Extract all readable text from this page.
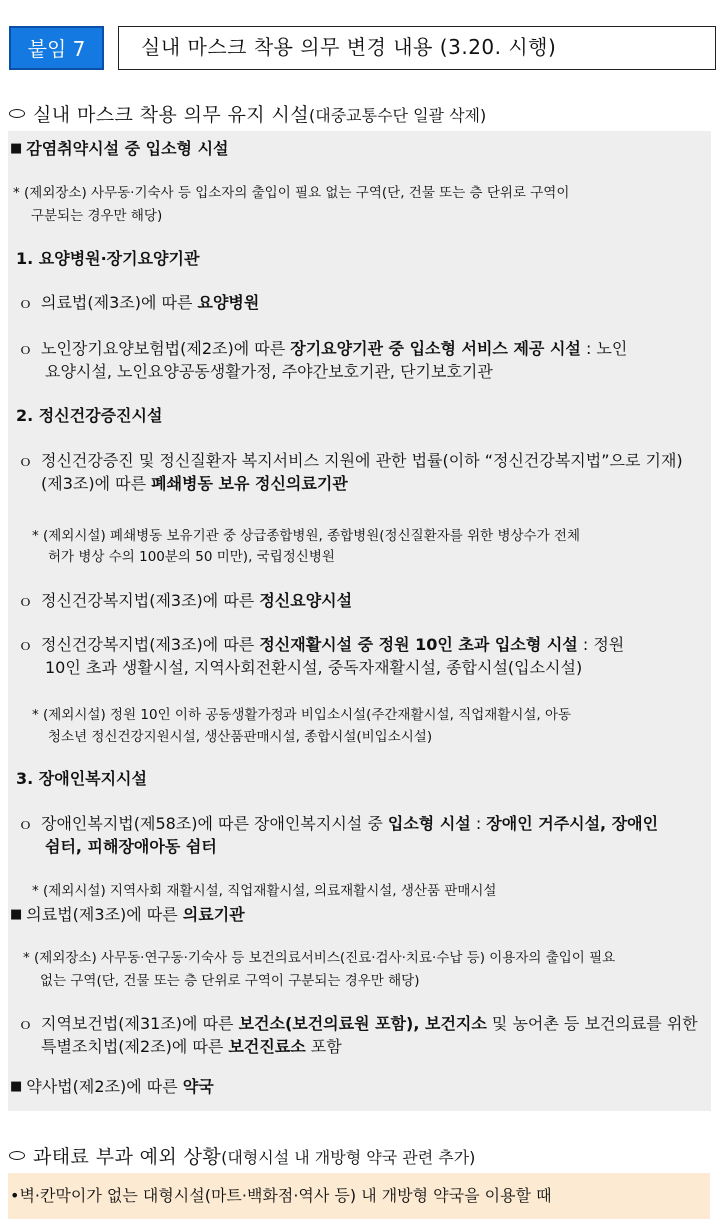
붙임 7	실내 마스크 착용 의무 변경 내용 (3.20. 시행)
실내 마스크 착용 의무 유지 시설(대중교통수단 일괄 삭제)
■ 감염취약시설 중 입소형 시설
* (제외장소) 사무동·기숙사 등 입소자의 출입이 필요 없는 구역(단, 건물 또는 층 단위로 구역이
구분되는 경우만 해당)
1. 요양병원·장기요양기관
ｏ 의료법(제3조)에 따른 요양병원
ｏ 노인장기요양보험법(제2조)에 따른 장기요양기관 중 입소형 서비스 제공 시설 : 노인
요양시설, 노인요양공동생활가정, 주야간보호기관, 단기보호기관
2. 정신건강증진시설
ｏ 정신건강증진 및 정신질환자 복지서비스 지원에 관한 법률(이하 “정신건강복지법”으로 기재)
(제3조)에 따른 폐쇄병동 보유 정신의료기관
* (제외시설) 폐쇄병동 보유기관 중 상급종합병원, 종합병원(정신질환자를 위한 병상수가 전체
허가 병상 수의 100분의 50 미만), 국립정신병원
ｏ 정신건강복지법(제3조)에 따른 정신요양시설
ｏ 정신건강복지법(제3조)에 따른 정신재활시설 중 정원 10인 초과 입소형 시설 : 정원
10인 초과 생활시설, 지역사회전환시설, 중독자재활시설, 종합시설(입소시설)
* (제외시설) 정원 10인 이하 공동생활가정과 비입소시설(주간재활시설, 직업재활시설, 아동
청소년 정신건강지원시설, 생산품판매시설, 종합시설(비입소시설)
3. 장애인복지시설
ｏ 장애인복지법(제58조)에 따른 장애인복지시설 중 입소형 시설 : 장애인 거주시설, 장애인
쉼터, 피해장애아동 쉼터
* (제외시설) 지역사회 재활시설, 직업재활시설, 의료재활시설, 생산품 판매시설
■ 의료법(제3조)에 따른 의료기관
* (제외장소) 사무동·연구동·기숙사 등 보건의료서비스(진료·검사·치료·수납 등) 이용자의 출입이 필요
없는 구역(단, 건물 또는 층 단위로 구역이 구분되는 경우만 해당)
ｏ 지역보건법(제31조)에 따른 보건소(보건의료원 포함), 보건지소 및 농어촌 등 보건의료를 위한
특별조치법(제2조)에 따른 보건진료소 포함
■ 약사법(제2조)에 따른 약국
과태료 부과 예외 상황(대형시설 내 개방형 약국 관련 추가)
•벽·칸막이가 없는 대형시설(마트·백화점·역사 등) 내 개방형 약국을 이용할 때
